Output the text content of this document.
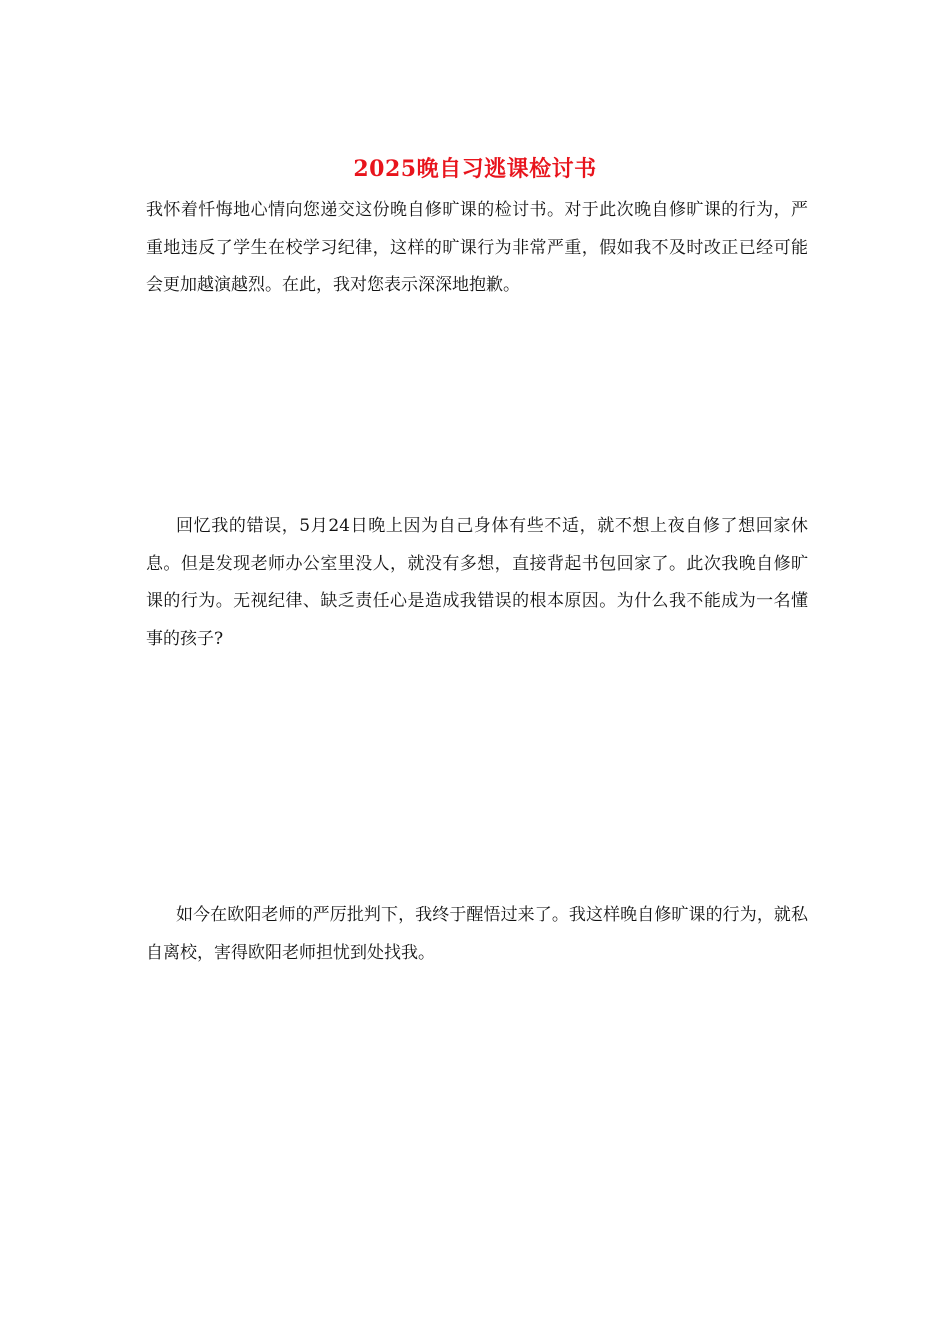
2025晚自习逃课检讨书

我怀着忏悔地心情向您递交这份晚自修旷课的检讨书。对于此次晚自修旷课的行为，严重地违反了学生在校学习纪律，这样的旷课行为非常严重，假如我不及时改正已经可能会更加越演越烈。在此，我对您表示深深地抱歉。

回忆我的错误，5月24日晚上因为自己身体有些不适，就不想上夜自修了想回家休息。但是发现老师办公室里没人，就没有多想，直接背起书包回家了。此次我晚自修旷课的行为。无视纪律、缺乏责任心是造成我错误的根本原因。为什么我不能成为一名懂事的孩子?

如今在欧阳老师的严厉批判下，我终于醒悟过来了。我这样晚自修旷课的行为，就私自离校，害得欧阳老师担忧到处找我。
